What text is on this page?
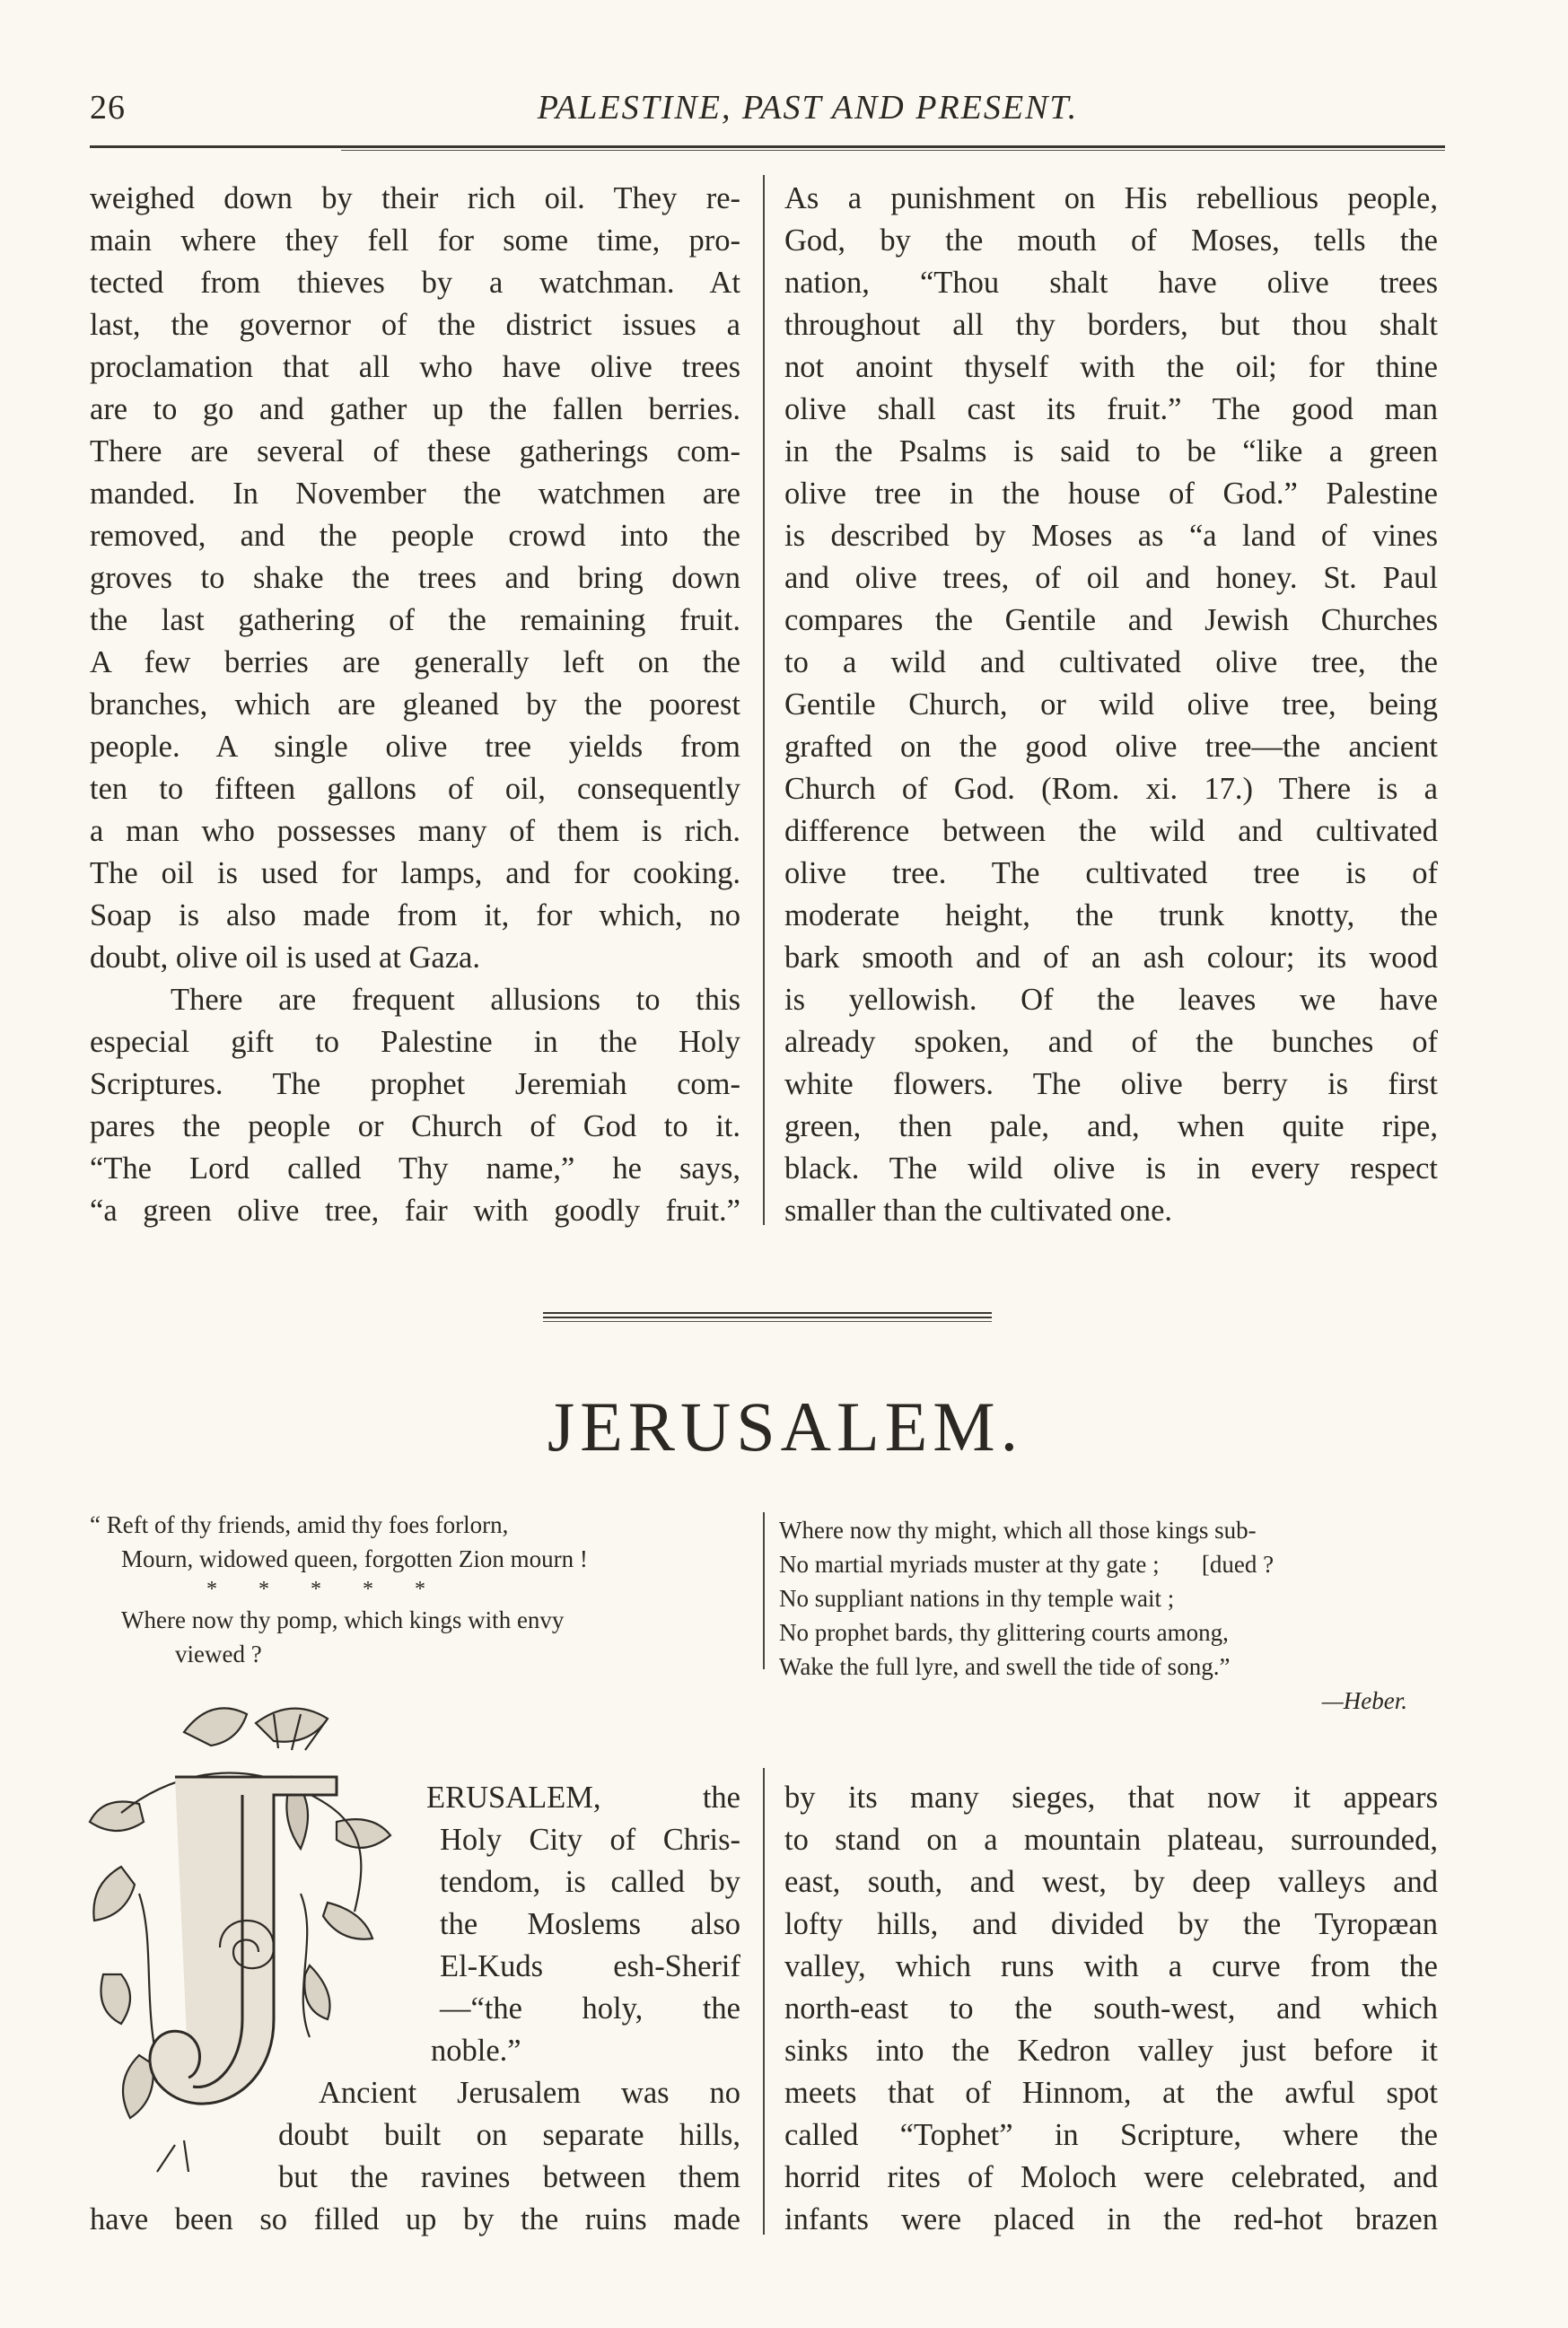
26	PALESTINE, PAST AND PRESENT.
weighed down by their rich oil. They re-
main where they fell for some time, pro-
tected from thieves by a watchman. At
last, the governor of the district issues a
proclamation that all who have olive trees
are to go and gather up the fallen berries.
There are several of these gatherings com-
manded. In November the watchmen are
removed, and the people crowd into the
groves to shake the trees and bring down
the last gathering of the remaining fruit.
A few berries are generally left on the
branches, which are gleaned by the poorest
people. A single olive tree yields from
ten to fifteen gallons of oil, consequently
a man who possesses many of them is rich.
The oil is used for lamps, and for cooking.
Soap is also made from it, for which, no
doubt, olive oil is used at Gaza.
There are frequent allusions to this
especial gift to Palestine in the Holy
Scriptures. The prophet Jeremiah com-
pares the people or Church of God to it.
“The Lord called Thy name,” he says,
“a green olive tree, fair with goodly fruit.”
As a punishment on His rebellious people,
God, by the mouth of Moses, tells the
nation, “Thou shalt have olive trees
throughout all thy borders, but thou shalt
not anoint thyself with the oil; for thine
olive shall cast its fruit.” The good man
in the Psalms is said to be “like a green
olive tree in the house of God.” Palestine
is described by Moses as “a land of vines
and olive trees, of oil and honey. St. Paul
compares the Gentile and Jewish Churches
to a wild and cultivated olive tree, the
Gentile Church, or wild olive tree, being
grafted on the good olive tree—the ancient
Church of God. (Rom. xi. 17.) There is a
difference between the wild and cultivated
olive tree. The cultivated tree is of
moderate height, the trunk knotty, the
bark smooth and of an ash colour; its wood
is yellowish. Of the leaves we have
already spoken, and of the bunches of
white flowers. The olive berry is first
green, then pale, and, when quite ripe,
black. The wild olive is in every respect
smaller than the cultivated one.
JERUSALEM.
“ Reft of thy friends, amid thy foes forlorn,
Mourn, widowed queen, forgotten Zion mourn !
* * * * *
Where now thy pomp, which kings with envy
viewed ?
Where now thy might, which all those kings sub-
No martial myriads muster at thy gate ;       [dued ?
No suppliant nations in thy temple wait ;
No prophet bards, thy glittering courts among,
Wake the full lyre, and swell the tide of song.”
—Heber.
ERUSALEM, the
Holy City of Chris-
tendom, is called by
the Moslems also
El-Kuds esh-Sherif
—“the holy, the
noble.”
Ancient Jerusalem was no
doubt built on separate hills,
but the ravines between them
have been so filled up by the ruins made
by its many sieges, that now it appears
to stand on a mountain plateau, surrounded,
east, south, and west, by deep valleys and
lofty hills, and divided by the Tyropæan
valley, which runs with a curve from the
north-east to the south-west, and which
sinks into the Kedron valley just before it
meets that of Hinnom, at the awful spot
called “Tophet” in Scripture, where the
horrid rites of Moloch were celebrated, and
infants were placed in the red-hot brazen
